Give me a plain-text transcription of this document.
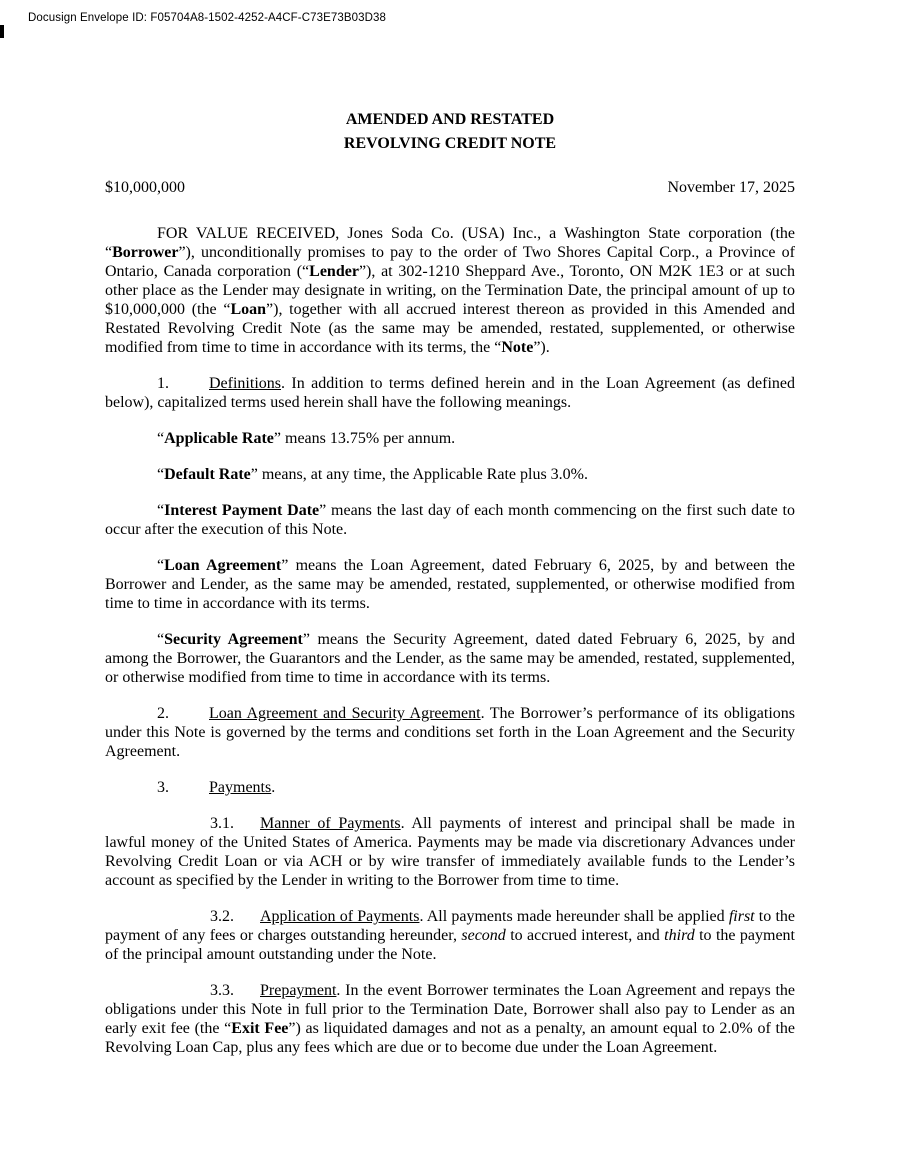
Docusign Envelope ID: F05704A8-1502-4252-A4CF-C73E73B03D38
AMENDED AND RESTATED
REVOLVING CREDIT NOTE
$10,000,000	November 17, 2025

FOR VALUE RECEIVED, Jones Soda Co. (USA) Inc., a Washington State corporation (the “Borrower”), unconditionally promises to pay to the order of Two Shores Capital Corp., a Province of Ontario, Canada corporation (“Lender”), at 302-1210 Sheppard Ave., Toronto, ON M2K 1E3 or at such other place as the Lender may designate in writing, on the Termination Date, the principal amount of up to $10,000,000 (the “Loan”), together with all accrued interest thereon as provided in this Amended and Restated Revolving Credit Note (as the same may be amended, restated, supplemented, or otherwise modified from time to time in accordance with its terms, the “Note”).

1.	Definitions. In addition to terms defined herein and in the Loan Agreement (as defined below), capitalized terms used herein shall have the following meanings.

“Applicable Rate” means 13.75% per annum.

“Default Rate” means, at any time, the Applicable Rate plus 3.0%.

“Interest Payment Date” means the last day of each month commencing on the first such date to occur after the execution of this Note.

“Loan Agreement” means the Loan Agreement, dated February 6, 2025, by and between the Borrower and Lender, as the same may be amended, restated, supplemented, or otherwise modified from time to time in accordance with its terms.

“Security Agreement” means the Security Agreement, dated dated February 6, 2025, by and among the Borrower, the Guarantors and the Lender, as the same may be amended, restated, supplemented, or otherwise modified from time to time in accordance with its terms.

2.	Loan Agreement and Security Agreement. The Borrower’s performance of its obligations under this Note is governed by the terms and conditions set forth in the Loan Agreement and the Security Agreement.

3.	Payments.

3.1. Manner of Payments. All payments of interest and principal shall be made in lawful money of the United States of America. Payments may be made via discretionary Advances under Revolving Credit Loan or via ACH or by wire transfer of immediately available funds to the Lender’s account as specified by the Lender in writing to the Borrower from time to time.

3.2. Application of Payments. All payments made hereunder shall be applied first to the payment of any fees or charges outstanding hereunder, second to accrued interest, and third to the payment of the principal amount outstanding under the Note.

3.3. Prepayment. In the event Borrower terminates the Loan Agreement and repays the obligations under this Note in full prior to the Termination Date, Borrower shall also pay to Lender as an early exit fee (the “Exit Fee”) as liquidated damages and not as a penalty, an amount equal to 2.0% of the Revolving Loan Cap, plus any fees which are due or to become due under the Loan Agreement.
